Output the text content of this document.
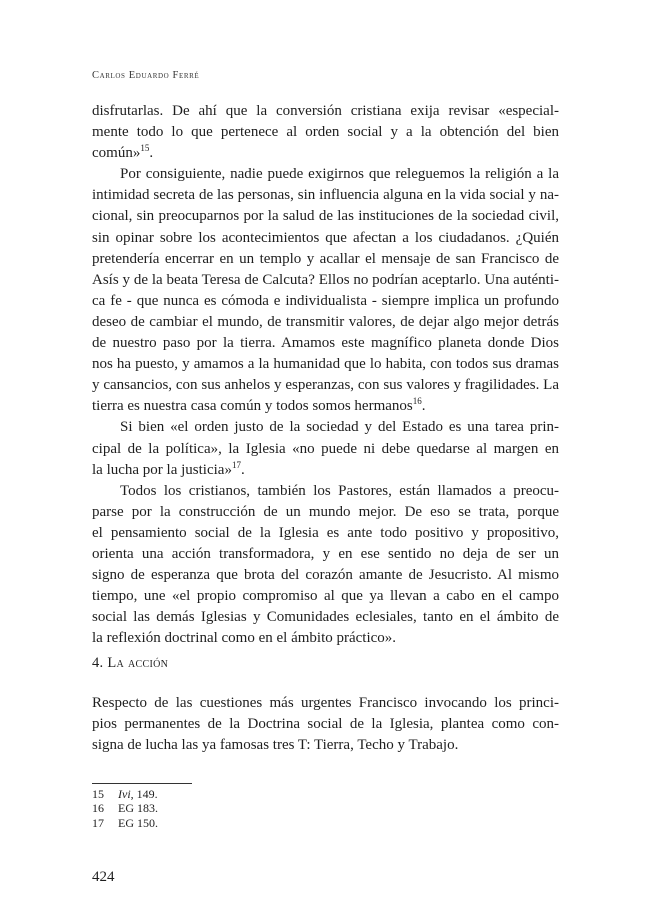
Carlos Eduardo Ferré
disfrutarlas. De ahí que la conversión cristiana exija revisar «especial-
mente todo lo que pertenece al orden social y a la obtención del bien
común»$^{15}$.
Por consiguiente, nadie puede exigirnos que releguemos la religión a la
intimidad secreta de las personas, sin influencia alguna en la vida social y na-
cional, sin preocuparnos por la salud de las instituciones de la sociedad civil,
sin opinar sobre los acontecimientos que afectan a los ciudadanos. ¿Quién
pretendería encerrar en un templo y acallar el mensaje de san Francisco de
Asís y de la beata Teresa de Calcuta? Ellos no podrían aceptarlo. Una auténti-
ca fe - que nunca es cómoda e individualista - siempre implica un profundo
deseo de cambiar el mundo, de transmitir valores, de dejar algo mejor detrás
de nuestro paso por la tierra. Amamos este magnífico planeta donde Dios
nos ha puesto, y amamos a la humanidad que lo habita, con todos sus dramas
y cansancios, con sus anhelos y esperanzas, con sus valores y fragilidades. La
tierra es nuestra casa común y todos somos hermanos$^{16}$.
Si bien «el orden justo de la sociedad y del Estado es una tarea prin-
cipal de la política», la Iglesia «no puede ni debe quedarse al margen en
la lucha por la justicia»$^{17}$.
Todos los cristianos, también los Pastores, están llamados a preocu-
parse por la construcción de un mundo mejor. De eso se trata, porque
el pensamiento social de la Iglesia es ante todo positivo y propositivo,
orienta una acción transformadora, y en ese sentido no deja de ser un
signo de esperanza que brota del corazón amante de Jesucristo. Al mismo
tiempo, une «el propio compromiso al que ya llevan a cabo en el campo
social las demás Iglesias y Comunidades eclesiales, tanto en el ámbito de
la reflexión doctrinal como en el ámbito práctico».
4. La acción
Respecto de las cuestiones más urgentes Francisco invocando los princi-
pios permanentes de la Doctrina social de la Iglesia, plantea como con-
signa de lucha las ya famosas tres T: Tierra, Techo y Trabajo.
15 Ivi, 149.
16 EG 183.
17 EG 150.
424
